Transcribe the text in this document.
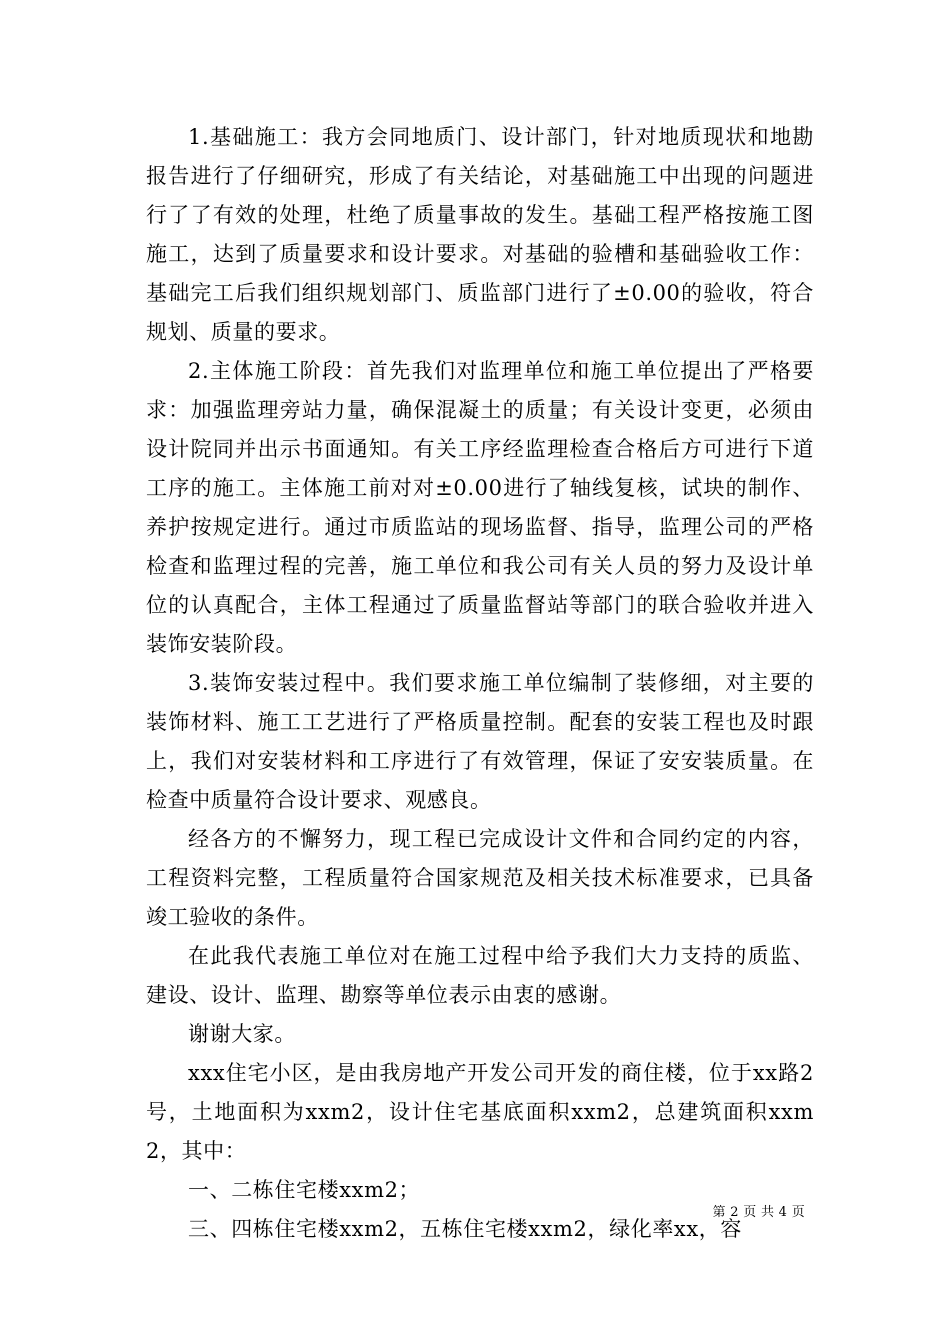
1.基础施工：我方会同地质门、设计部门，针对地质现状和地勘报告进行了仔细研究，形成了有关结论，对基础施工中出现的问题进行了了有效的处理，杜绝了质量事故的发生。基础工程严格按施工图施工，达到了质量要求和设计要求。对基础的验槽和基础验收工作：基础完工后我们组织规划部门、质监部门进行了±0.00的验收，符合规划、质量的要求。

2.主体施工阶段：首先我们对监理单位和施工单位提出了严格要求：加强监理旁站力量，确保混凝土的质量；有关设计变更，必须由设计院同并出示书面通知。有关工序经监理检查合格后方可进行下道工序的施工。主体施工前对对±0.00进行了轴线复核，试块的制作、养护按规定进行。通过市质监站的现场监督、指导，监理公司的严格检查和监理过程的完善，施工单位和我公司有关人员的努力及设计单位的认真配合，主体工程通过了质量监督站等部门的联合验收并进入装饰安装阶段。

3.装饰安装过程中。我们要求施工单位编制了装修细，对主要的装饰材料、施工工艺进行了严格质量控制。配套的安装工程也及时跟上，我们对安装材料和工序进行了有效管理，保证了安安装质量。在检查中质量符合设计要求、观感良。

经各方的不懈努力，现工程已完成设计文件和合同约定的内容，工程资料完整，工程质量符合国家规范及相关技术标准要求，已具备竣工验收的条件。

在此我代表施工单位对在施工过程中给予我们大力支持的质监、建设、设计、监理、勘察等单位表示由衷的感谢。

谢谢大家。

xxx住宅小区，是由我房地产开发公司开发的商住楼，位于xx路2号，土地面积为xxm2，设计住宅基底面积xxm2，总建筑面积xxm2，其中：

一、二栋住宅楼xxm2；

三、四栋住宅楼xxm2，五栋住宅楼xxm2，绿化率xx，容

第 2 页 共 4 页
